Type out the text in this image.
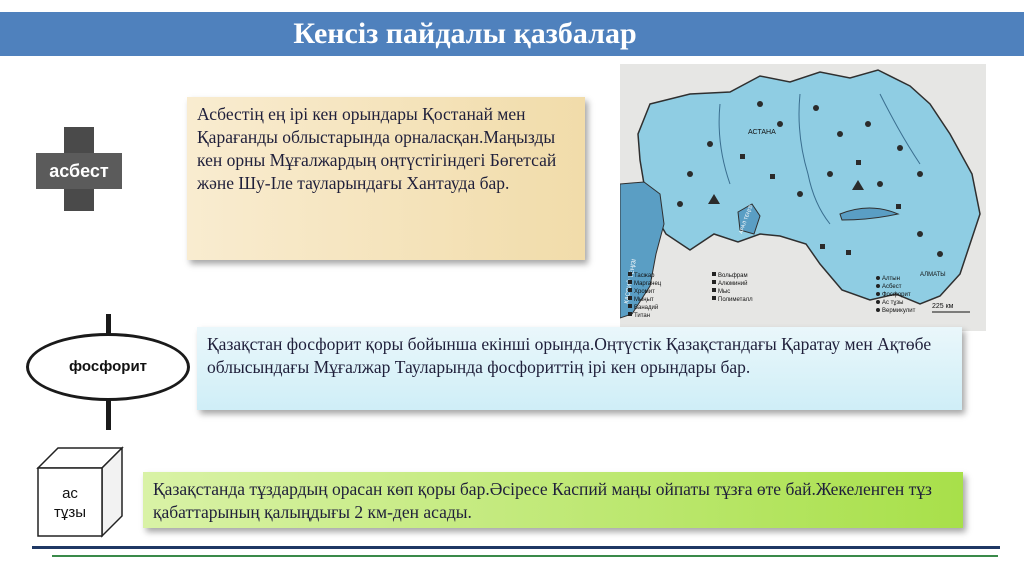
Кенсіз пайдалы қазбалар
асбест
Асбестің ең ірі кен орындары Қостанай мен Қарағанды облыстарында орналасқан.Маңызды кен орны Мұғалжардың оңтүстігіндегі Бөгетсай және Шу-Іле тауларындағы Хантауда бар.
АСТАНА
АЛМАТЫ
ТЕҢІЗІ
АРАЛ ТЕҢІЗІ
Тасжар
Марганец
Хромит
Мыңыт
Ванадий
Титан
Вольфрам
Алюминий
Мыс
Полиметалл
Алтын
Асбест
Фосфорит
Ас тұзы
Вермикулит
225 км
фосфорит
Қазақстан фосфорит қоры бойынша екінші орында.Оңтүстік Қазақстандағы Қаратау мен Ақтөбе облысындағы Мұғалжар Тауларында фосфориттің ірі кен орындары бар.
ас
тұзы
Қазақстанда тұздардың орасан көп қоры бар.Әсіресе Каспий маңы ойпаты тұзға өте бай.Жекеленген тұз қабаттарының қалыңдығы 2 км-ден асады.
